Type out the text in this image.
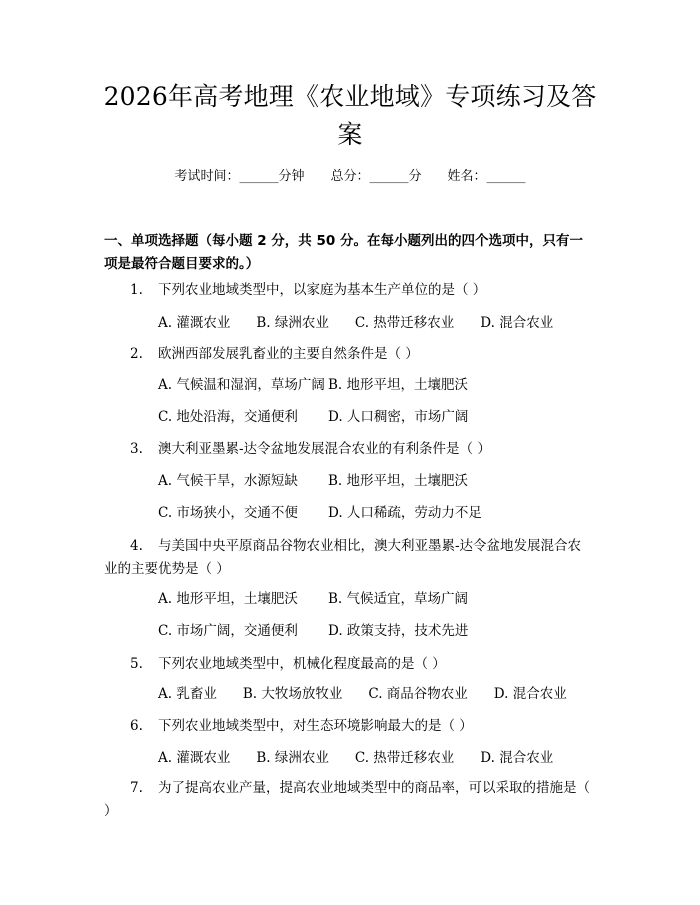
2026年高考地理《农业地域》专项练习及答案
考试时间：______分钟 总分：______分 姓名：______
一、单项选择题（每小题 2 分，共 50 分。在每小题列出的四个选项中，只有一项是最符合题目要求的。）
1. 下列农业地域类型中，以家庭为基本生产单位的是（ ）
A. 灌溉农业 B. 绿洲农业 C. 热带迁移农业 D. 混合农业
2. 欧洲西部发展乳畜业的主要自然条件是（ ）
A. 气候温和湿润，草场广阔 B. 地形平坦，土壤肥沃
C. 地处沿海，交通便利 D. 人口稠密，市场广阔
3. 澳大利亚墨累-达令盆地发展混合农业的有利条件是（ ）
A. 气候干旱，水源短缺 B. 地形平坦，土壤肥沃
C. 市场狭小，交通不便 D. 人口稀疏，劳动力不足
4. 与美国中央平原商品谷物农业相比，澳大利亚墨累-达令盆地发展混合农业的主要优势是（ ）
A. 地形平坦，土壤肥沃 B. 气候适宜，草场广阔
C. 市场广阔，交通便利 D. 政策支持，技术先进
5. 下列农业地域类型中，机械化程度最高的是（ ）
A. 乳畜业 B. 大牧场放牧业 C. 商品谷物农业 D. 混合农业
6. 下列农业地域类型中，对生态环境影响最大的是（ ）
A. 灌溉农业 B. 绿洲农业 C. 热带迁移农业 D. 混合农业
7. 为了提高农业产量，提高农业地域类型中的商品率，可以采取的措施是（ ）
